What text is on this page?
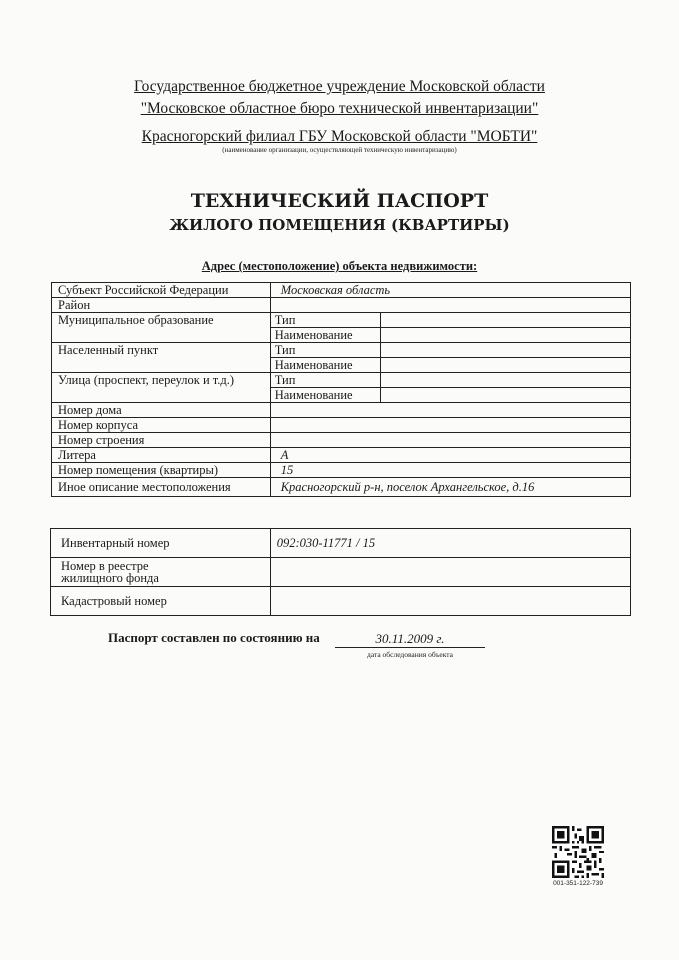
Государственное бюджетное учреждение Московской области
"Московское областное бюро технической инвентаризации"
Красногорский филиал ГБУ Московской области "МОБТИ"
(наименование организации, осуществляющей техническую инвентаризацию)
ТЕХНИЧЕСКИЙ ПАСПОРТ
ЖИЛОГО ПОМЕЩЕНИЯ (КВАРТИРЫ)
Адрес (местоположение) объекта недвижимости:
Субъект Российской Федерации	Московская область	
Район		
Муниципальное образование	Тип	
	Наименование	
Населенный пункт	Тип	
	Наименование	
Улица (проспект, переулок и т.д.)	Тип	
	Наименование	
Номер дома		
Номер корпуса		
Номер строения		
Литера	А	
Номер помещения (квартиры)	15	
Иное описание местоположения	Красногорский р-н, поселок Архангельское, д.16	
Инвентарный номер	092:030-11771 / 15

Номер в реестре
жилищного фонда	

Кадастровый номер	
Паспорт составлен по состоянию на	30.11.2009 г.
дата обследования объекта
​
001-351-122-739
